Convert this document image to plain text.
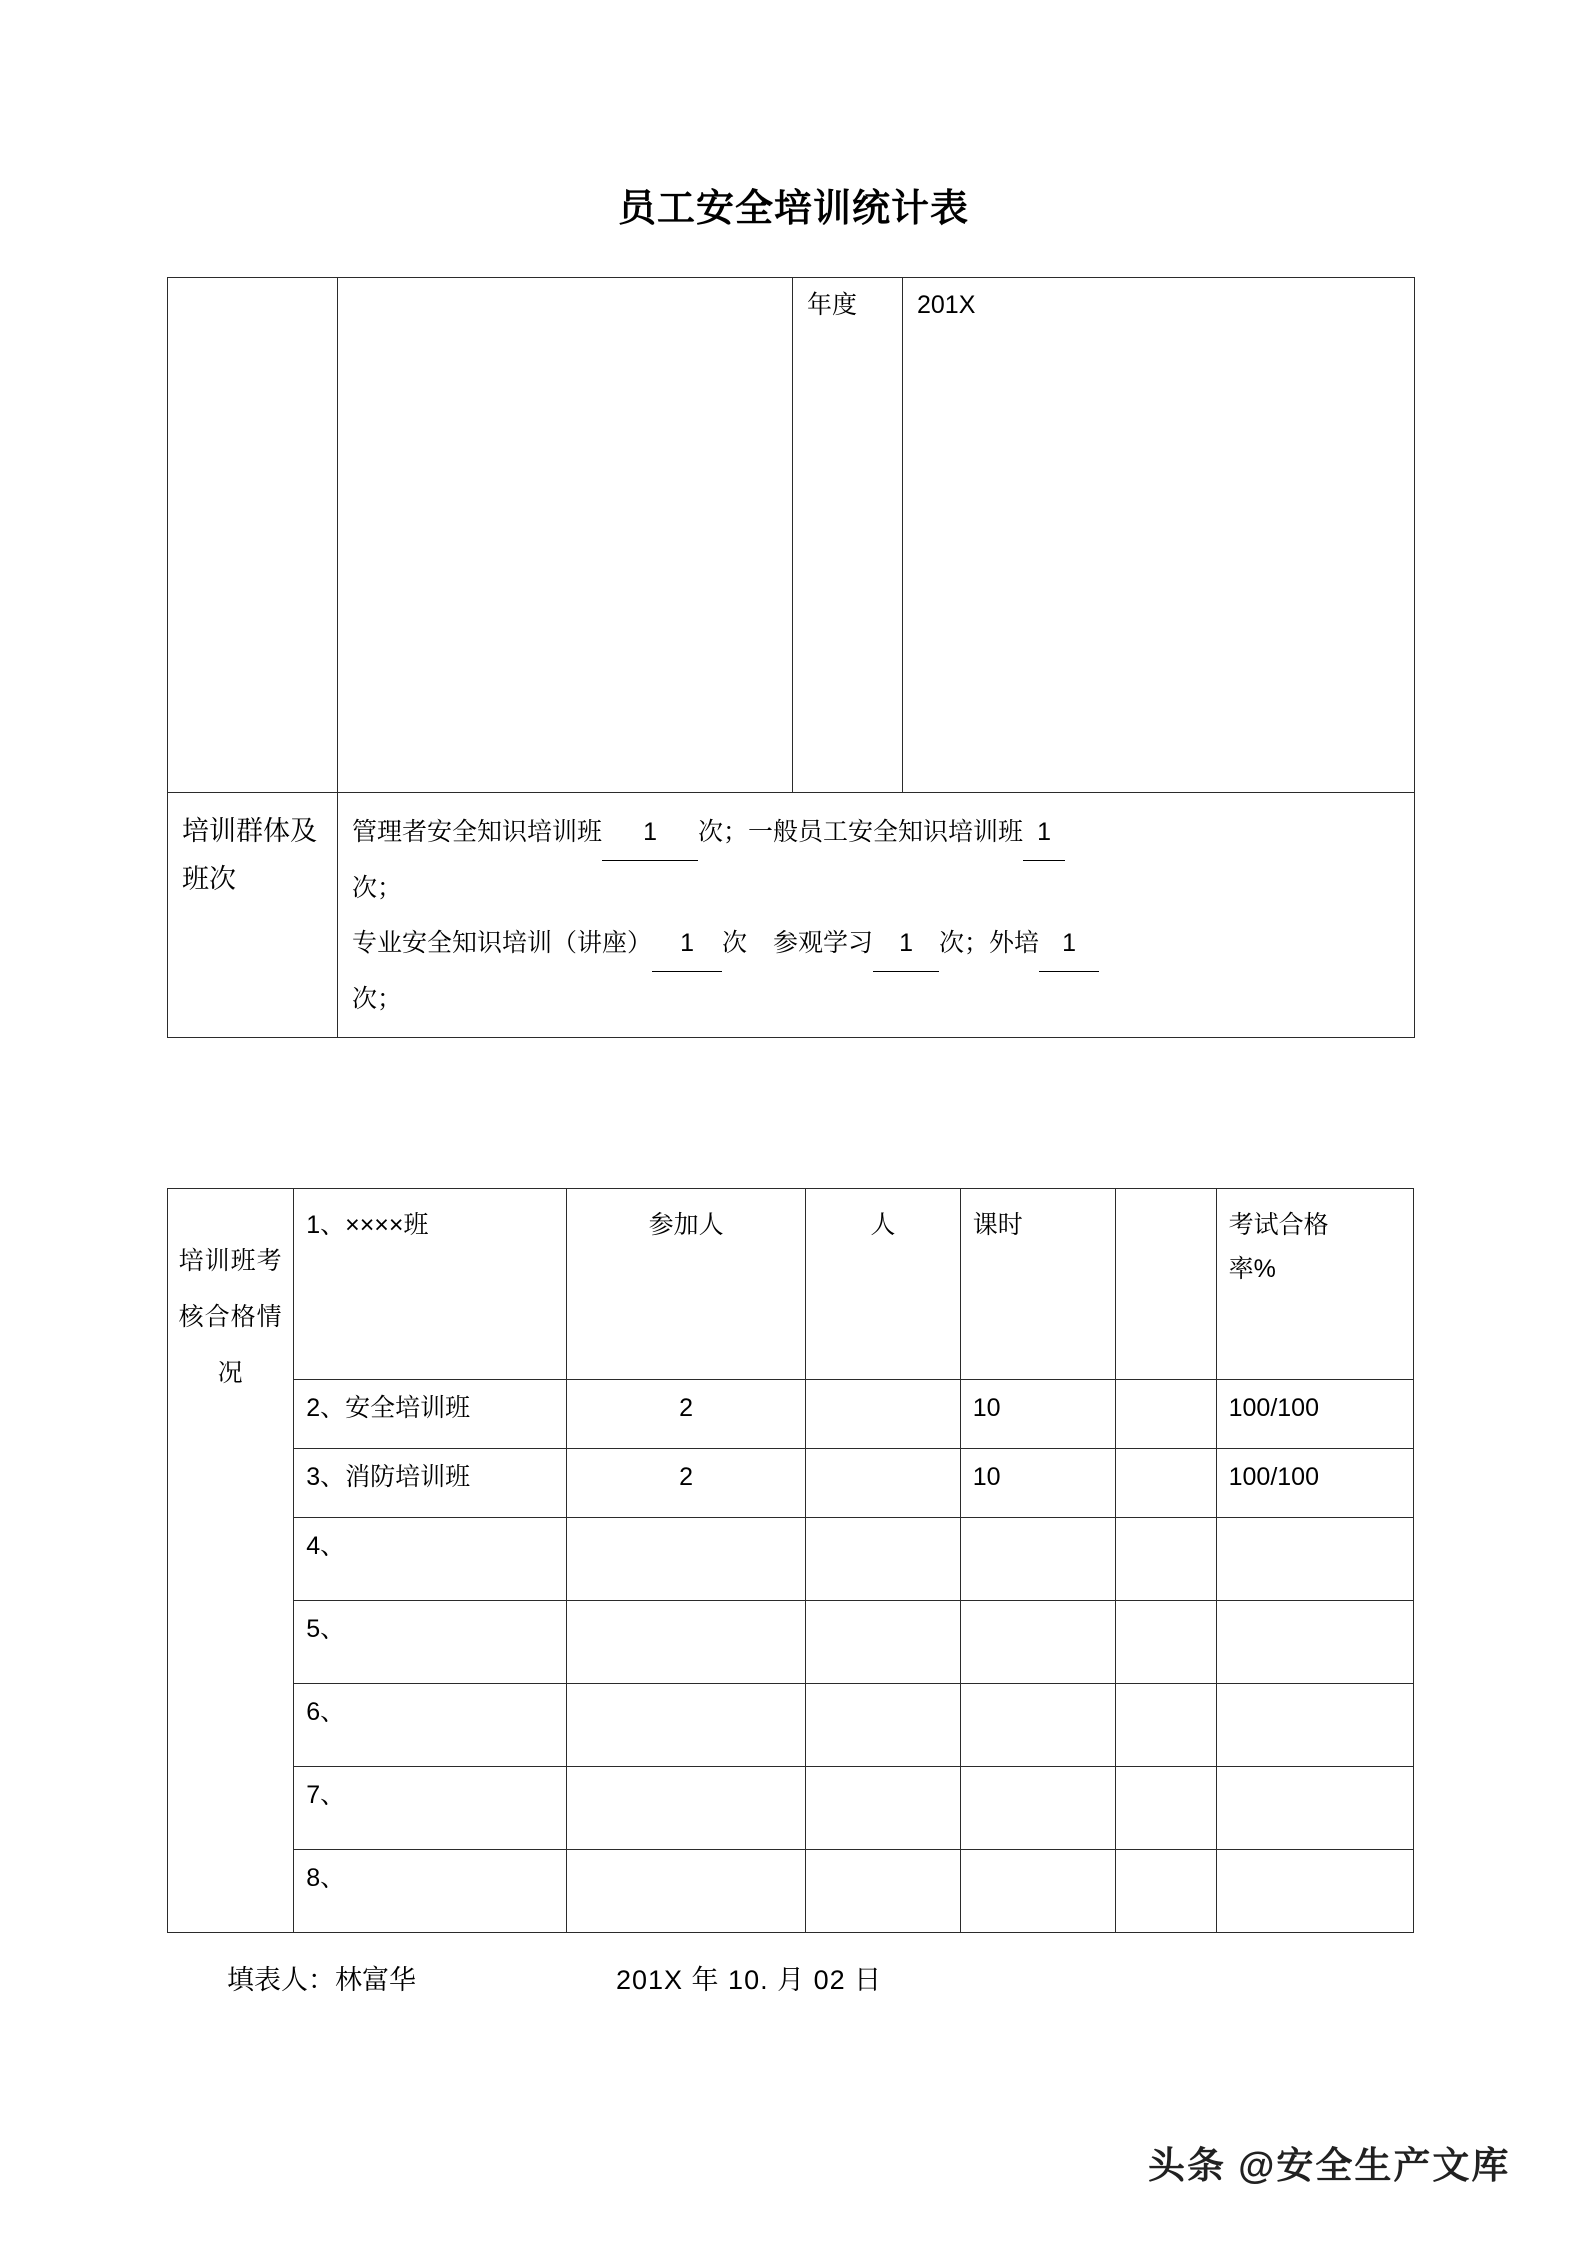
员工安全培训统计表
		年度	201X
培训群体及班次	管理者安全知识培训班 1 次；一般员工安全知识培训班 1
次；
专业安全知识培训（讲座） 1 次 参观学习 1 次；外培 1
次；		
培训班考核合格情况	1、××××班	参加人	人	课时		考试合格
率%

	2、安全培训班	2		10		100/100
	3、消防培训班	2		10		100/100
	4、					
	5、					
	6、					
	7、					
	8、					
填表人：林富华	201X 年 10. 月 02 日
头条 @安全生产文库
